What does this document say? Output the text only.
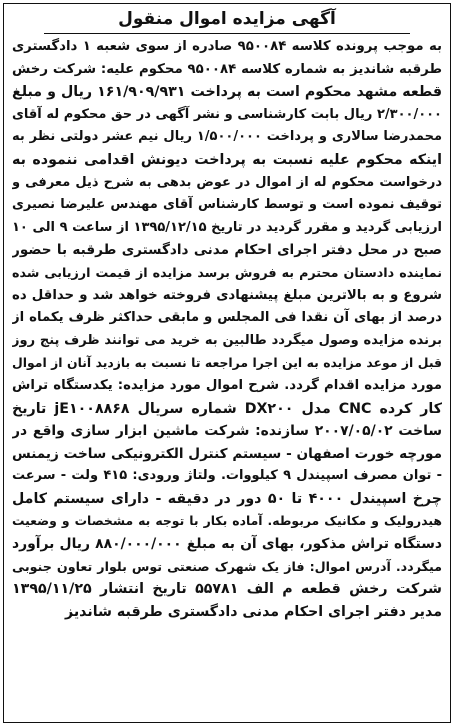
آگهی مزایده اموال منقول
به موجب پرونده کلاسه ۹۵۰۰۸۴ صادره از سوی شعبه ۱ دادگستری
طرقبه شاندیز به شماره کلاسه ۹۵۰۰۸۴ محکوم علیه: شرکت رخش
قطعه مشهد محکوم است به پرداخت ۱۶۱/۹۰۹/۹۳۱ ریال و مبلغ
۲/۳۰۰/۰۰۰ ریال بابت کارشناسی و نشر آگهی در حق محکوم له آقای
محمدرضا سالاری و پرداخت ۱/۵۰۰/۰۰۰ ریال نیم عشر دولتی نظر به
اینکه محکوم علیه نسبت به پرداخت دیونش اقدامی ننموده به
درخواست محکوم له از اموال در عوض بدهی به شرح ذیل معرفی و
توقیف نموده است و توسط کارشناس آقای مهندس علیرضا نصیری
ارزیابی گردید و مقرر گردید در تاریخ ۱۳۹۵/۱۲/۱۵ از ساعت ۹ الی ۱۰
صبح در محل دفتر اجرای احکام مدنی دادگستری طرقبه با حضور
نماینده دادستان محترم به فروش برسد مزایده از قیمت ارزیابی شده
شروع و به بالاترین مبلغ پیشنهادی فروخته خواهد شد و حداقل ده
درصد از بهای آن نقدا فی المجلس و مابقی حداکثر ظرف یکماه از
برنده مزایده وصول میگردد طالبین به خرید می توانند ظرف پنج روز
قبل از موعد مزایده به این اجرا مراجعه تا نسبت به بازدید آنان از اموال
مورد مزایده اقدام گردد. شرح اموال مورد مزایده: یکدستگاه تراش
کار کرده CNC مدل DX۲۰۰ شماره سریال jE۱۰۰۸۸۶۸ تاریخ
ساخت ۲۰۰۷/۰۵/۰۲ سازنده: شرکت ماشین ابزار سازی واقع در
مورچه خورت اصفهان - سیستم کنترل الکترونیکی ساخت زیمنس
- توان مصرف اسپیندل ۹ کیلووات. ولتاژ ورودی: ۴۱۵ ولت - سرعت
چرخ اسپیندل ۴۰۰۰ تا ۵۰ دور در دقیقه - دارای سیستم کامل
هیدرولیک و مکانیک مربوطه. آماده بکار با توجه به مشخصات و وضعیت
دستگاه تراش مذکور، بهای آن به مبلغ ۸۸۰/۰۰۰/۰۰۰ ریال برآورد
میگردد. آدرس اموال: فاز یک شهرک صنعتی توس بلوار تعاون جنوبی
شرکت رخش قطعه م الف ۵۵۷۸۱ تاریخ انتشار ۱۳۹۵/۱۱/۲۵
مدیر دفتر اجرای احکام مدنی دادگستری طرقبه شاندیز
